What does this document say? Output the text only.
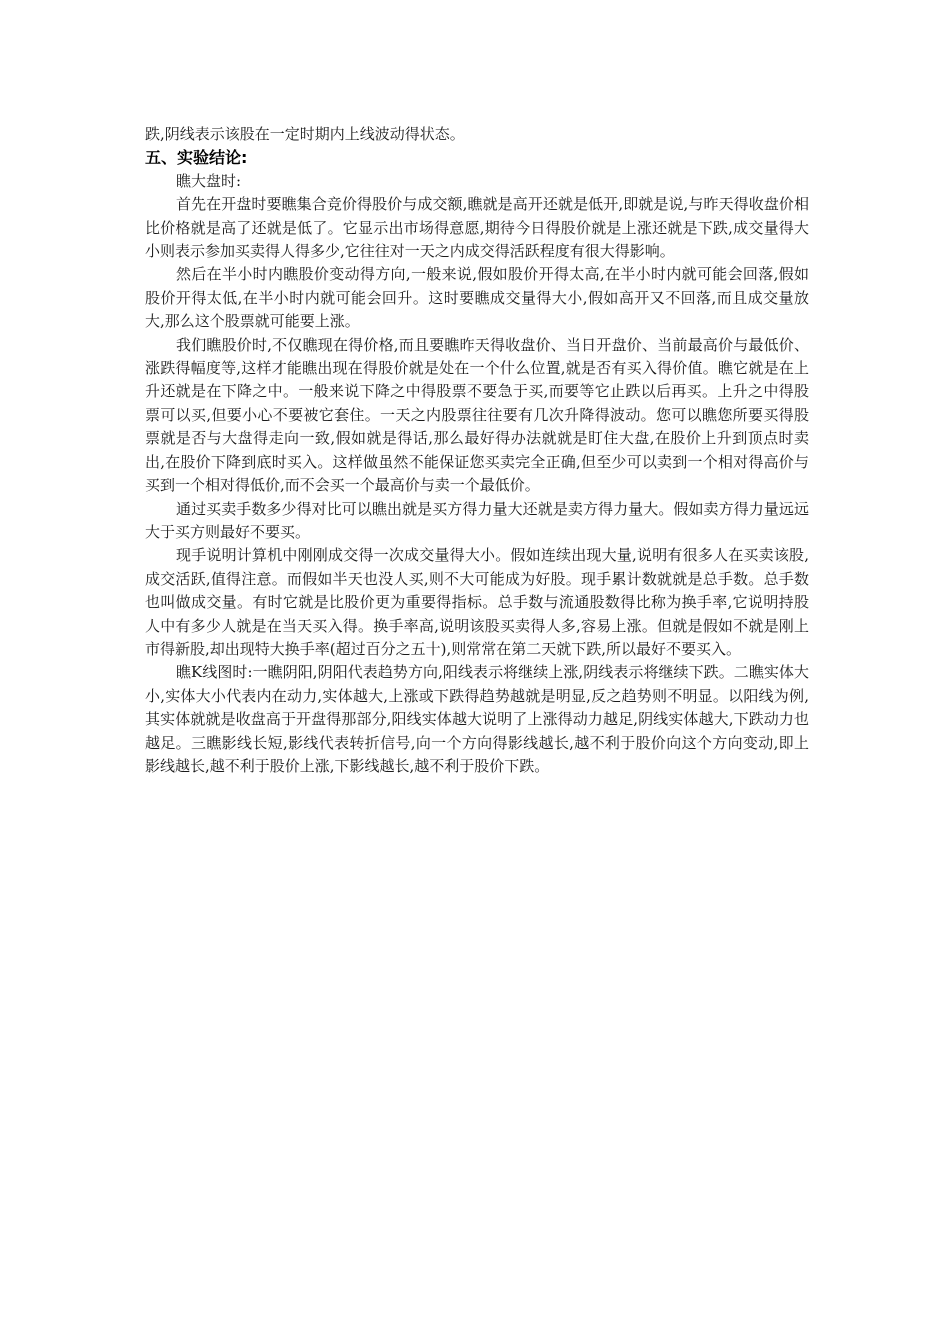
跌,阴线表示该股在一定时期内上线波动得状态。

五、实验结论:

瞧大盘时:

首先在开盘时要瞧集合竞价得股价与成交额,瞧就是高开还就是低开,即就是说,与昨天得收盘价相比价格就是高了还就是低了。它显示出市场得意愿,期待今日得股价就是上涨还就是下跌,成交量得大小则表示参加买卖得人得多少,它往往对一天之内成交得活跃程度有很大得影响。

然后在半小时内瞧股价变动得方向,一般来说,假如股价开得太高,在半小时内就可能会回落,假如股价开得太低,在半小时内就可能会回升。这时要瞧成交量得大小,假如高开又不回落,而且成交量放大,那么这个股票就可能要上涨。

我们瞧股价时,不仅瞧现在得价格,而且要瞧昨天得收盘价、当日开盘价、当前最高价与最低价、涨跌得幅度等,这样才能瞧出现在得股价就是处在一个什么位置,就是否有买入得价值。瞧它就是在上升还就是在下降之中。一般来说下降之中得股票不要急于买,而要等它止跌以后再买。上升之中得股票可以买,但要小心不要被它套住。一天之内股票往往要有几次升降得波动。您可以瞧您所要买得股票就是否与大盘得走向一致,假如就是得话,那么最好得办法就就是盯住大盘,在股价上升到顶点时卖出,在股价下降到底时买入。这样做虽然不能保证您买卖完全正确,但至少可以卖到一个相对得高价与买到一个相对得低价,而不会买一个最高价与卖一个最低价。

通过买卖手数多少得对比可以瞧出就是买方得力量大还就是卖方得力量大。假如卖方得力量远远大于买方则最好不要买。

现手说明计算机中刚刚成交得一次成交量得大小。假如连续出现大量,说明有很多人在买卖该股,成交活跃,值得注意。而假如半天也没人买,则不大可能成为好股。现手累计数就就是总手数。总手数也叫做成交量。有时它就是比股价更为重要得指标。总手数与流通股数得比称为换手率,它说明持股人中有多少人就是在当天买入得。换手率高,说明该股买卖得人多,容易上涨。但就是假如不就是刚上市得新股,却出现特大换手率(超过百分之五十),则常常在第二天就下跌,所以最好不要买入。

瞧K线图时:一瞧阴阳,阴阳代表趋势方向,阳线表示将继续上涨,阴线表示将继续下跌。二瞧实体大小,实体大小代表内在动力,实体越大,上涨或下跌得趋势越就是明显,反之趋势则不明显。以阳线为例,其实体就就是收盘高于开盘得那部分,阳线实体越大说明了上涨得动力越足,阴线实体越大,下跌动力也越足。三瞧影线长短,影线代表转折信号,向一个方向得影线越长,越不利于股价向这个方向变动,即上影线越长,越不利于股价上涨,下影线越长,越不利于股价下跌。
